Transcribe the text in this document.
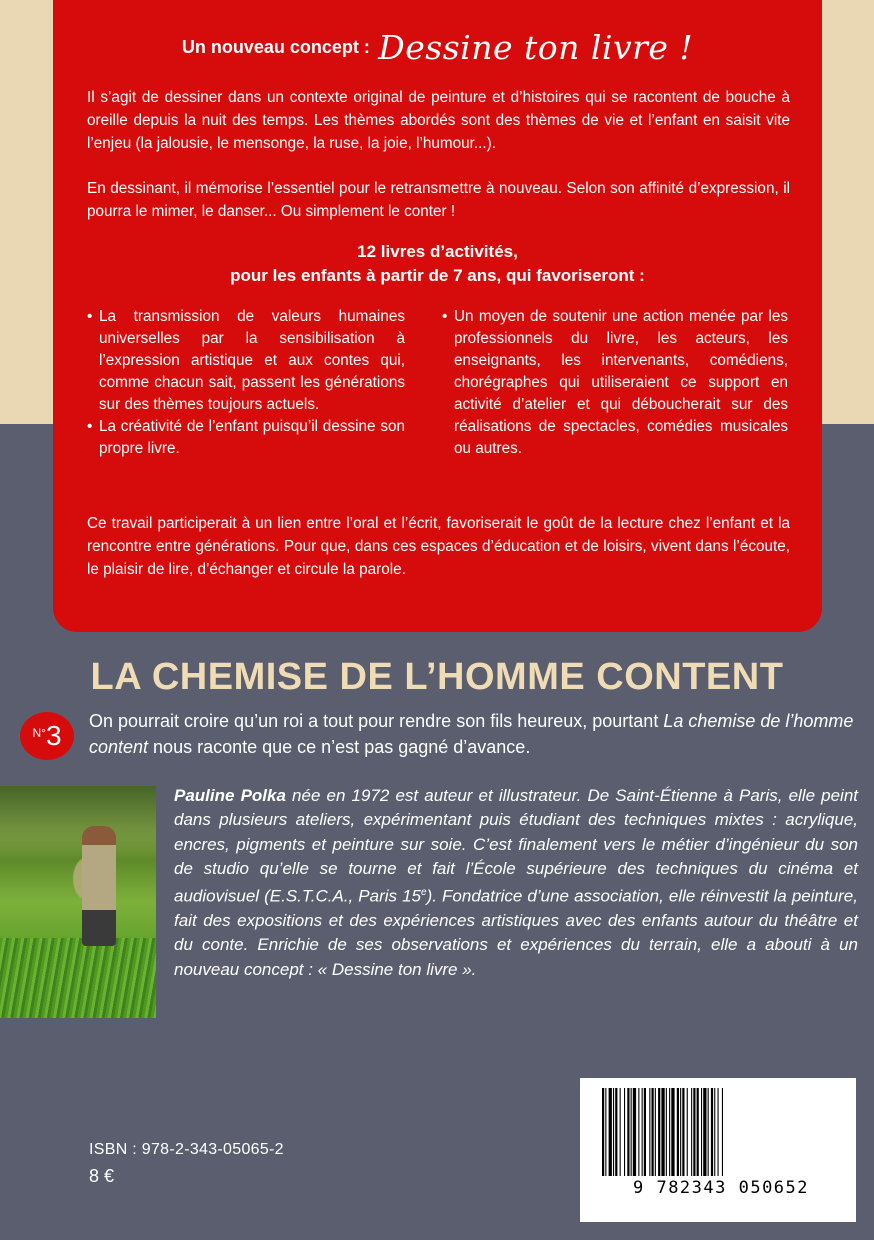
Un nouveau concept : Dessine ton livre !

Il s’agit de dessiner dans un contexte original de peinture et d’histoires qui se racontent de bouche à oreille depuis la nuit des temps. Les thèmes abordés sont des thèmes de vie et l’enfant en saisit vite l’enjeu (la jalousie, le mensonge, la ruse, la joie, l’humour...).

En dessinant, il mémorise l’essentiel pour le retransmettre à nouveau. Selon son affinité d’expression, il pourra le mimer, le danser... Ou simplement le conter !

12 livres d’activités,
pour les enfants à partir de 7 ans, qui favoriseront :
• La transmission de valeurs humaines universelles par la sensibilisation à l’expression artistique et aux contes qui, comme chacun sait, passent les générations sur des thèmes toujours actuels.
• La créativité de l’enfant puisqu’il dessine son propre livre.
• Un moyen de soutenir une action menée par les professionnels du livre, les acteurs, les enseignants, les intervenants, comédiens, chorégraphes qui utiliseraient ce support en activité d’atelier et qui déboucherait sur des réalisations de spectacles, comédies musicales ou autres.

Ce travail participerait à un lien entre l’oral et l’écrit, favoriserait le goût de la lecture chez l’enfant et la rencontre entre générations. Pour que, dans ces espaces d’éducation et de loisirs, vivent dans l’écoute, le plaisir de lire, d’échanger et circule la parole.

LA CHEMISE DE L’HOMME CONTENT
$^{N^\circ}$3	On pourrait croire qu’un roi a tout pour rendre son fils heureux, pourtant La chemise de l’homme content nous raconte que ce n’est pas gagné d’avance.

Pauline Polka née en 1972 est auteur et illustrateur. De Saint-Étienne à Paris, elle peint dans plusieurs ateliers, expérimentant puis étudiant des techniques mixtes : acrylique, encres, pigments et peinture sur soie. C’est finalement vers le métier d’ingénieur du son de studio qu’elle se tourne et fait l’École supérieure des techniques du cinéma et audiovisuel (E.S.T.C.A., Paris 15e). Fondatrice d’une association, elle réinvestit la peinture, fait des expositions et des expériences artistiques avec des enfants autour du théâtre et du conte. Enrichie de ses observations et expériences du terrain, elle a abouti à un nouveau concept : « Dessine ton livre ».

9 782343 050652
ISBN : 978-2-343-05065-2
8 €
